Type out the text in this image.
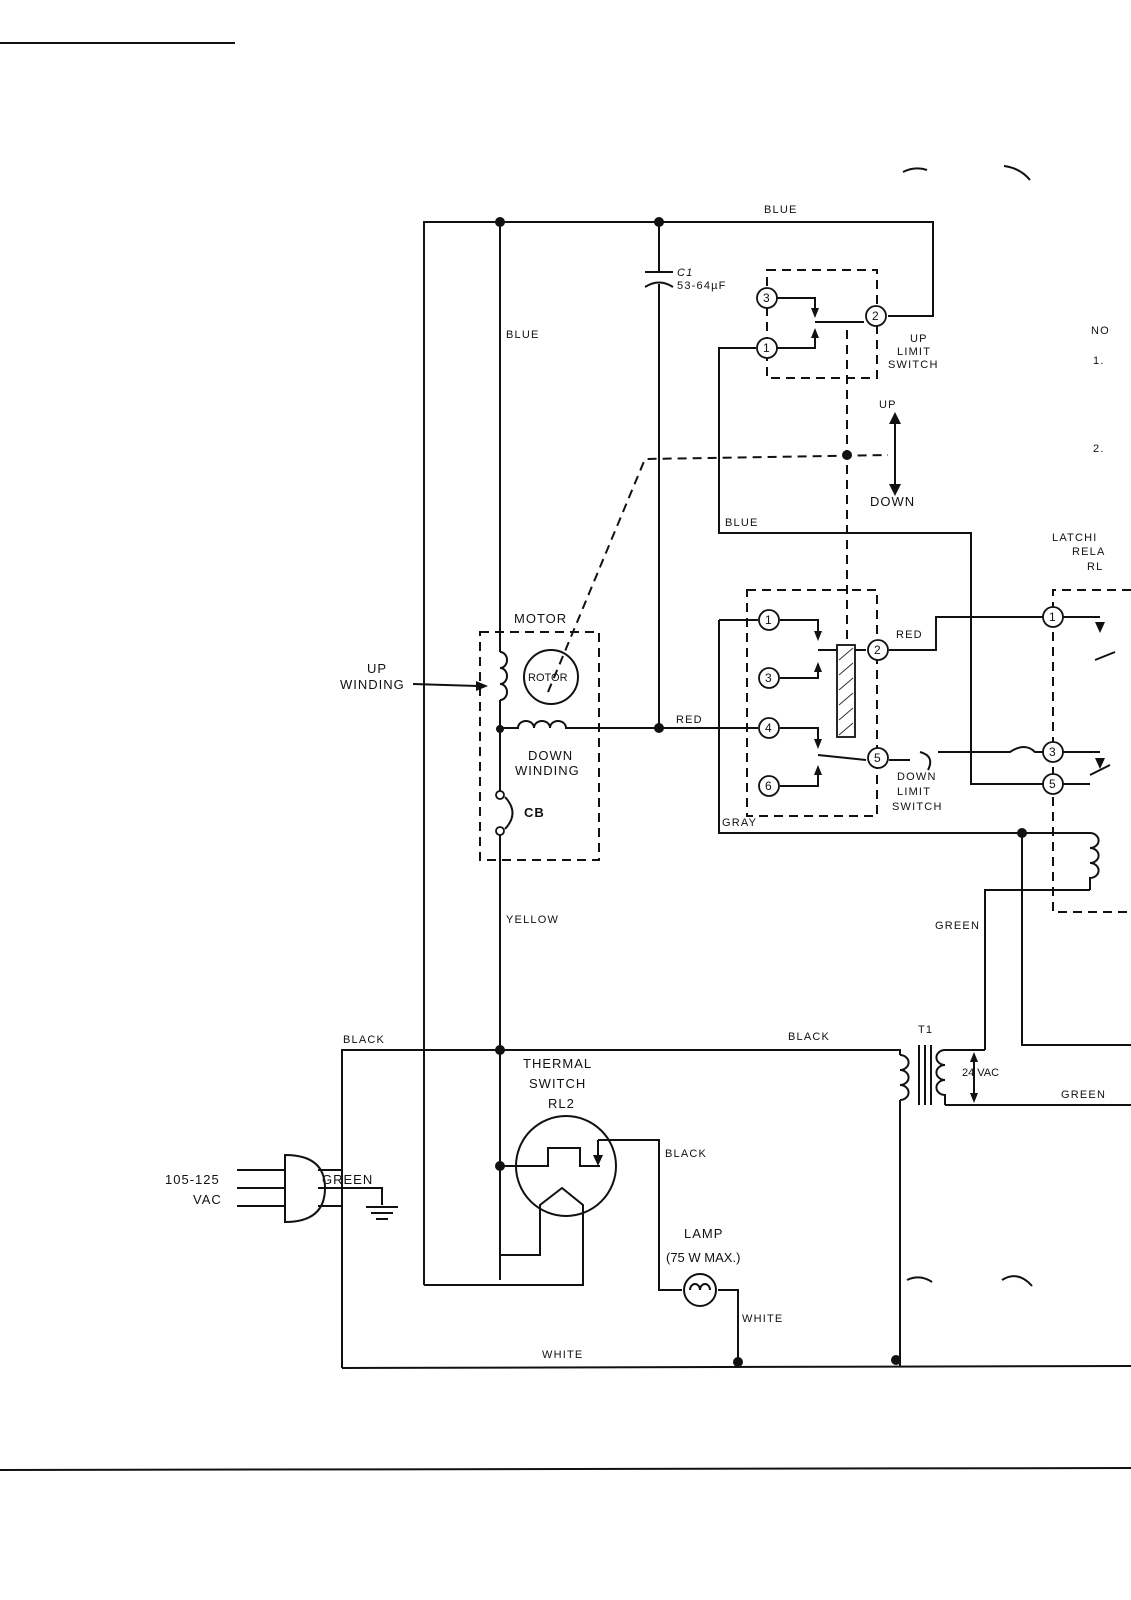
C1
53-64µF
3
1
2
UP
LIMIT
SWITCH
1
3
4
6
2
5
DOWN
LIMIT
SWITCH
MOTOR
ROTOR
DOWN
WINDING
CB
UP
WINDING
THERMAL
SWITCH
RL2
LAMP
(75 W MAX.)
T1
24 VAC
105-125
VAC
LATCHI
RELA
RL
1
3
5
NO
1.
2.
UP
DOWN
BLUE
BLUE
BLUE
RED
RED
GRAY
YELLOW
BLACK	BLACK
BLACK
WHITE
WHITE
GREEN
GREEN
GREEN
